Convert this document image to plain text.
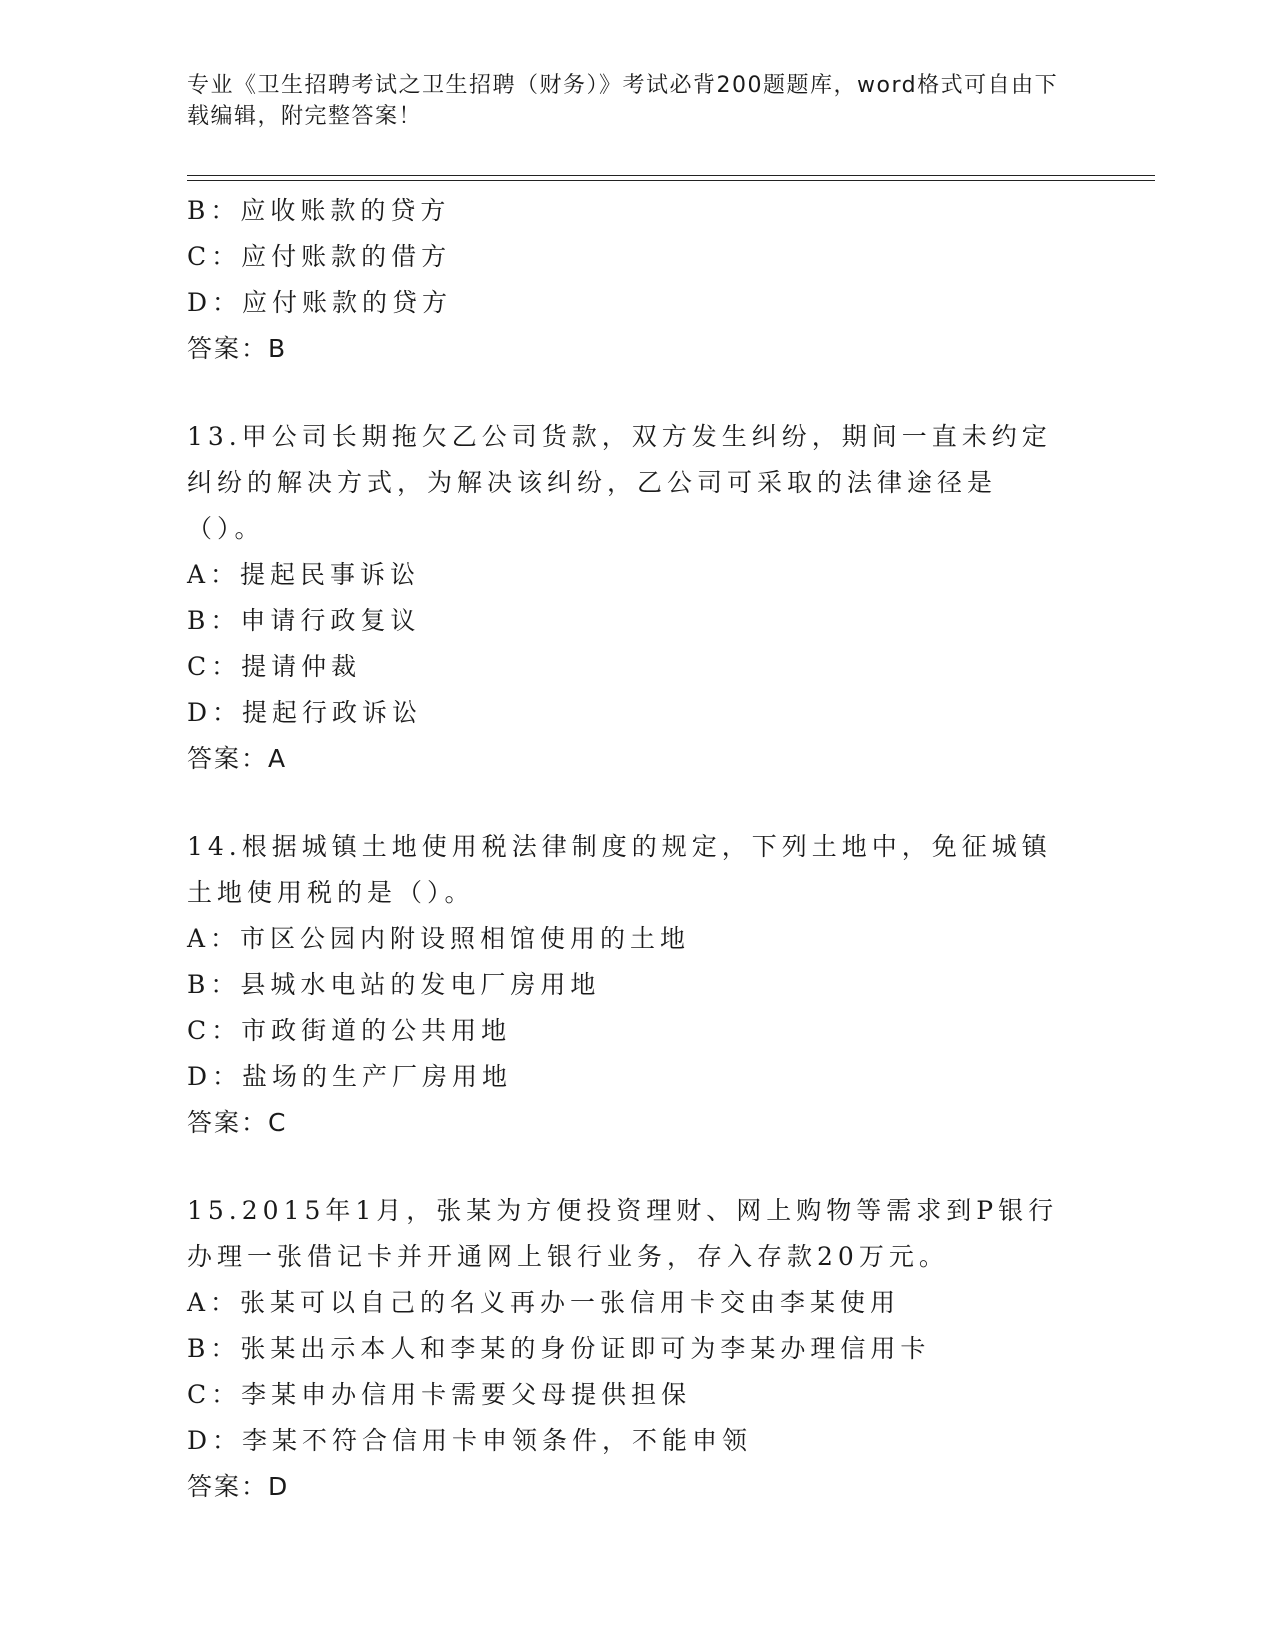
专业《卫生招聘考试之卫生招聘（财务）》考试必背200题题库，word格式可自由下载编辑，附完整答案！

B：应收账款的贷方

C：应付账款的借方

D：应付账款的贷方

答案：B

13.甲公司长期拖欠乙公司货款，双方发生纠纷，期间一直未约定纠纷的解决方式，为解决该纠纷，乙公司可采取的法律途径是（）。

A：提起民事诉讼

B：申请行政复议

C：提请仲裁

D：提起行政诉讼

答案：A

14.根据城镇土地使用税法律制度的规定，下列土地中，免征城镇土地使用税的是（）。

A：市区公园内附设照相馆使用的土地

B：县城水电站的发电厂房用地

C：市政街道的公共用地

D：盐场的生产厂房用地

答案：C

15.2015年1月，张某为方便投资理财、网上购物等需求到P银行办理一张借记卡并开通网上银行业务，存入存款20万元。

A：张某可以自己的名义再办一张信用卡交由李某使用

B：张某出示本人和李某的身份证即可为李某办理信用卡

C：李某申办信用卡需要父母提供担保

D：李某不符合信用卡申领条件，不能申领

答案：D
